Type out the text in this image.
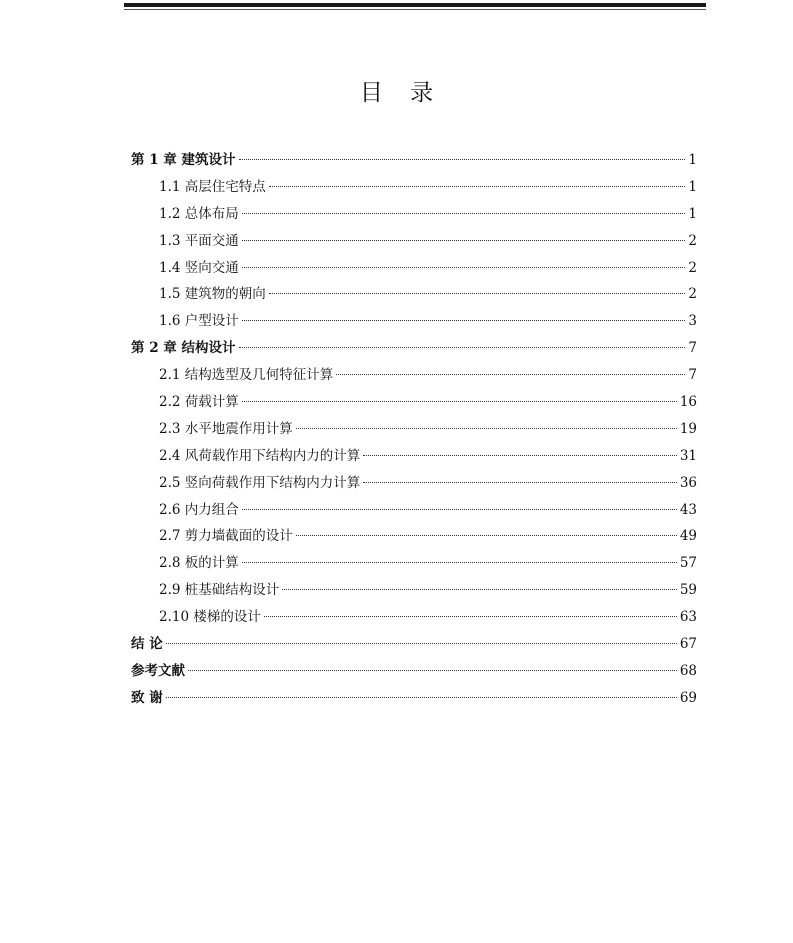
目 录
第 1 章 建筑设计	1
1.1 高层住宅特点	1
1.2 总体布局	1
1.3 平面交通	2
1.4 竖向交通	2
1.5 建筑物的朝向	2
1.6 户型设计	3
第 2 章 结构设计	7
2.1 结构选型及几何特征计算	7
2.2 荷载计算	16
2.3 水平地震作用计算	19
2.4 风荷载作用下结构内力的计算	31
2.5 竖向荷载作用下结构内力计算	36
2.6 内力组合	43
2.7 剪力墙截面的设计	49
2.8 板的计算	57
2.9 桩基础结构设计	59
2.10 楼梯的设计	63
结 论	67
参考文献	68
致 谢	69
